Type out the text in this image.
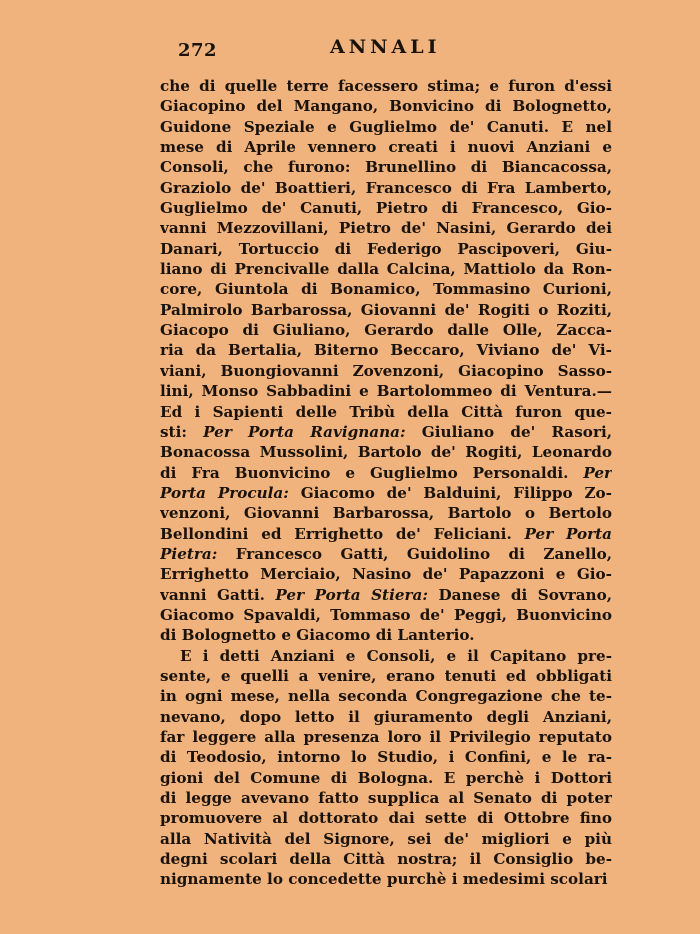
272	ANNALI
che di quelle terre facessero stima; e furon d'essi
Giacopino del Mangano, Bonvicino di Bolognetto,
Guidone Speziale e Guglielmo de' Canuti. E nel
mese di Aprile vennero creati i nuovi Anziani e
Consoli, che furono: Brunellino di Biancacossa,
Graziolo de' Boattieri, Francesco di Fra Lamberto,
Guglielmo de' Canuti, Pietro di Francesco, Gio-
vanni Mezzovillani, Pietro de' Nasini, Gerardo dei
Danari, Tortuccio di Federigo Pascipoveri, Giu-
liano di Prencivalle dalla Calcina, Mattiolo da Ron-
core, Giuntola di Bonamico, Tommasino Curioni,
Palmirolo Barbarossa, Giovanni de' Rogiti o Roziti,
Giacopo di Giuliano, Gerardo dalle Olle, Zacca-
ria da Bertalia, Biterno Beccaro, Viviano de' Vi-
viani, Buongiovanni Zovenzoni, Giacopino Sasso-
lini, Monso Sabbadini e Bartolommeo di Ventura.—
Ed i Sapienti delle Tribù della Città furon que-
sti: Per Porta Ravignana: Giuliano de' Rasori,
Bonacossa Mussolini, Bartolo de' Rogiti, Leonardo
di Fra Buonvicino e Guglielmo Personaldi. Per
Porta Procula: Giacomo de' Balduini, Filippo Zo-
venzoni, Giovanni Barbarossa, Bartolo o Bertolo
Bellondini ed Errighetto de' Feliciani. Per Porta
Pietra: Francesco Gatti, Guidolino di Zanello,
Errighetto Merciaio, Nasino de' Papazzoni e Gio-
vanni Gatti. Per Porta Stiera: Danese di Sovrano,
Giacomo Spavaldi, Tommaso de' Peggi, Buonvicino
di Bolognetto e Giacomo di Lanterio.
E i detti Anziani e Consoli, e il Capitano pre-
sente, e quelli a venire, erano tenuti ed obbligati
in ogni mese, nella seconda Congregazione che te-
nevano, dopo letto il giuramento degli Anziani,
far leggere alla presenza loro il Privilegio reputato
di Teodosio, intorno lo Studio, i Confini, e le ra-
gioni del Comune di Bologna. E perchè i Dottori
di legge avevano fatto supplica al Senato di poter
promuovere al dottorato dai sette di Ottobre fino
alla Natività del Signore, sei de' migliori e più
degni scolari della Città nostra; il Consiglio be-
nignamente lo concedette purchè i medesimi scolari
